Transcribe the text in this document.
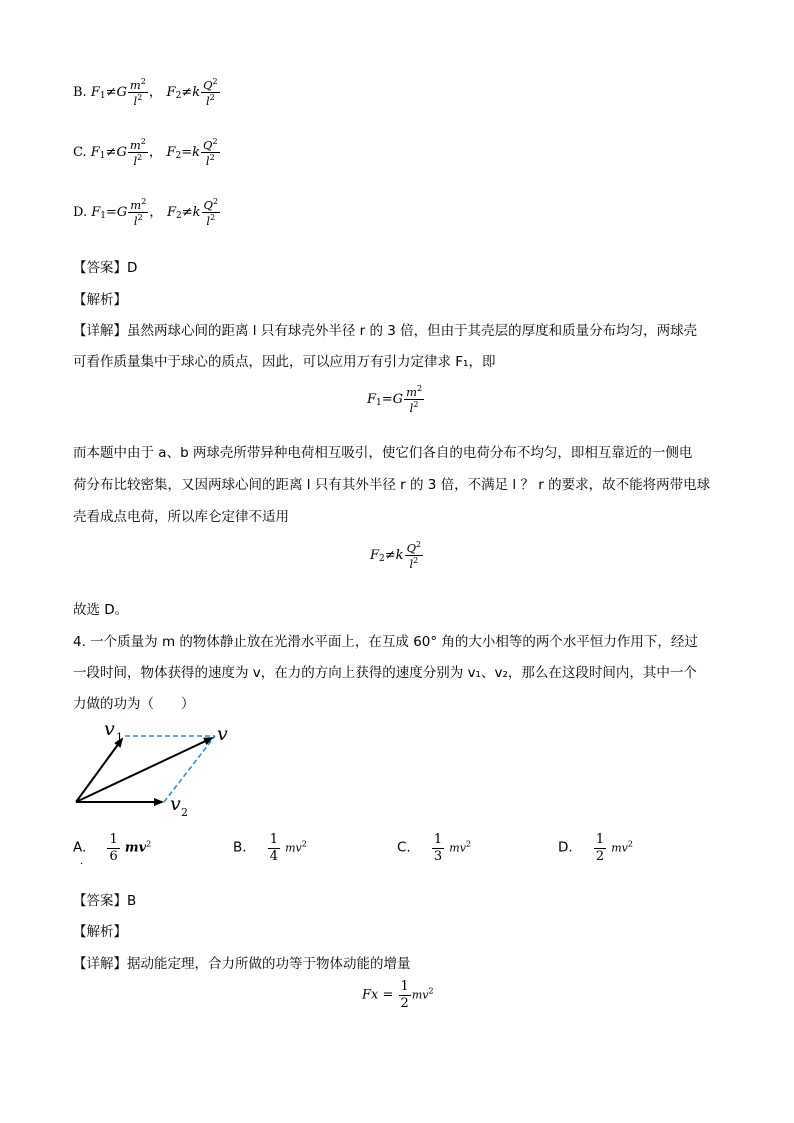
B. $F_1\ne G \frac{m^2}{l^2}$ ， $F_2\ne k \frac{Q^2}{l^2}$
C. $F_1\ne G \frac{m^2}{l^2}$ ， $F_2=k \frac{Q^2}{l^2}$
D. $F_1=G \frac{m^2}{l^2}$ ， $F_2\ne k \frac{Q^2}{l^2}$
【答案】D
【解析】
【详解】虽然两球心间的距离 l 只有球壳外半径 r 的 3 倍，但由于其壳层的厚度和质量分布均匀，两球壳
可看作质量集中于球心的质点，因此，可以应用万有引力定律求 F₁，即
$F_1=G \frac{m^2}{l^2}$
而本题中由于 a、b 两球壳所带异种电荷相互吸引，使它们各自的电荷分布不均匀，即相互靠近的一侧电
荷分布比较密集，又因两球心间的距离 l 只有其外半径 r 的 3 倍，不满足 l ？ r 的要求，故不能将两带电球
壳看成点电荷，所以库仑定律不适用
$F_2\ne k \frac{Q^2}{l^2}$
故选 D。
4. 一个质量为 m 的物体静止放在光滑水平面上，在互成 60° 角的大小相等的两个水平恒力作用下，经过
一段时间，物体获得的速度为 v，在力的方向上获得的速度分别为 v₁、v₂，那么在这段时间内，其中一个
力做的功为（　　）
v 1	v
v 2
A. $\frac{1}{6} mv^2$
．
B. $\frac{1}{4} mv^2$	C. $\frac{1}{3} mv^2$	D. $\frac{1}{2} mv^2$
【答案】B
【解析】
【详解】据动能定理，合力所做的功等于物体动能的增量
$Fx = \frac{1}{2} mv^2$
